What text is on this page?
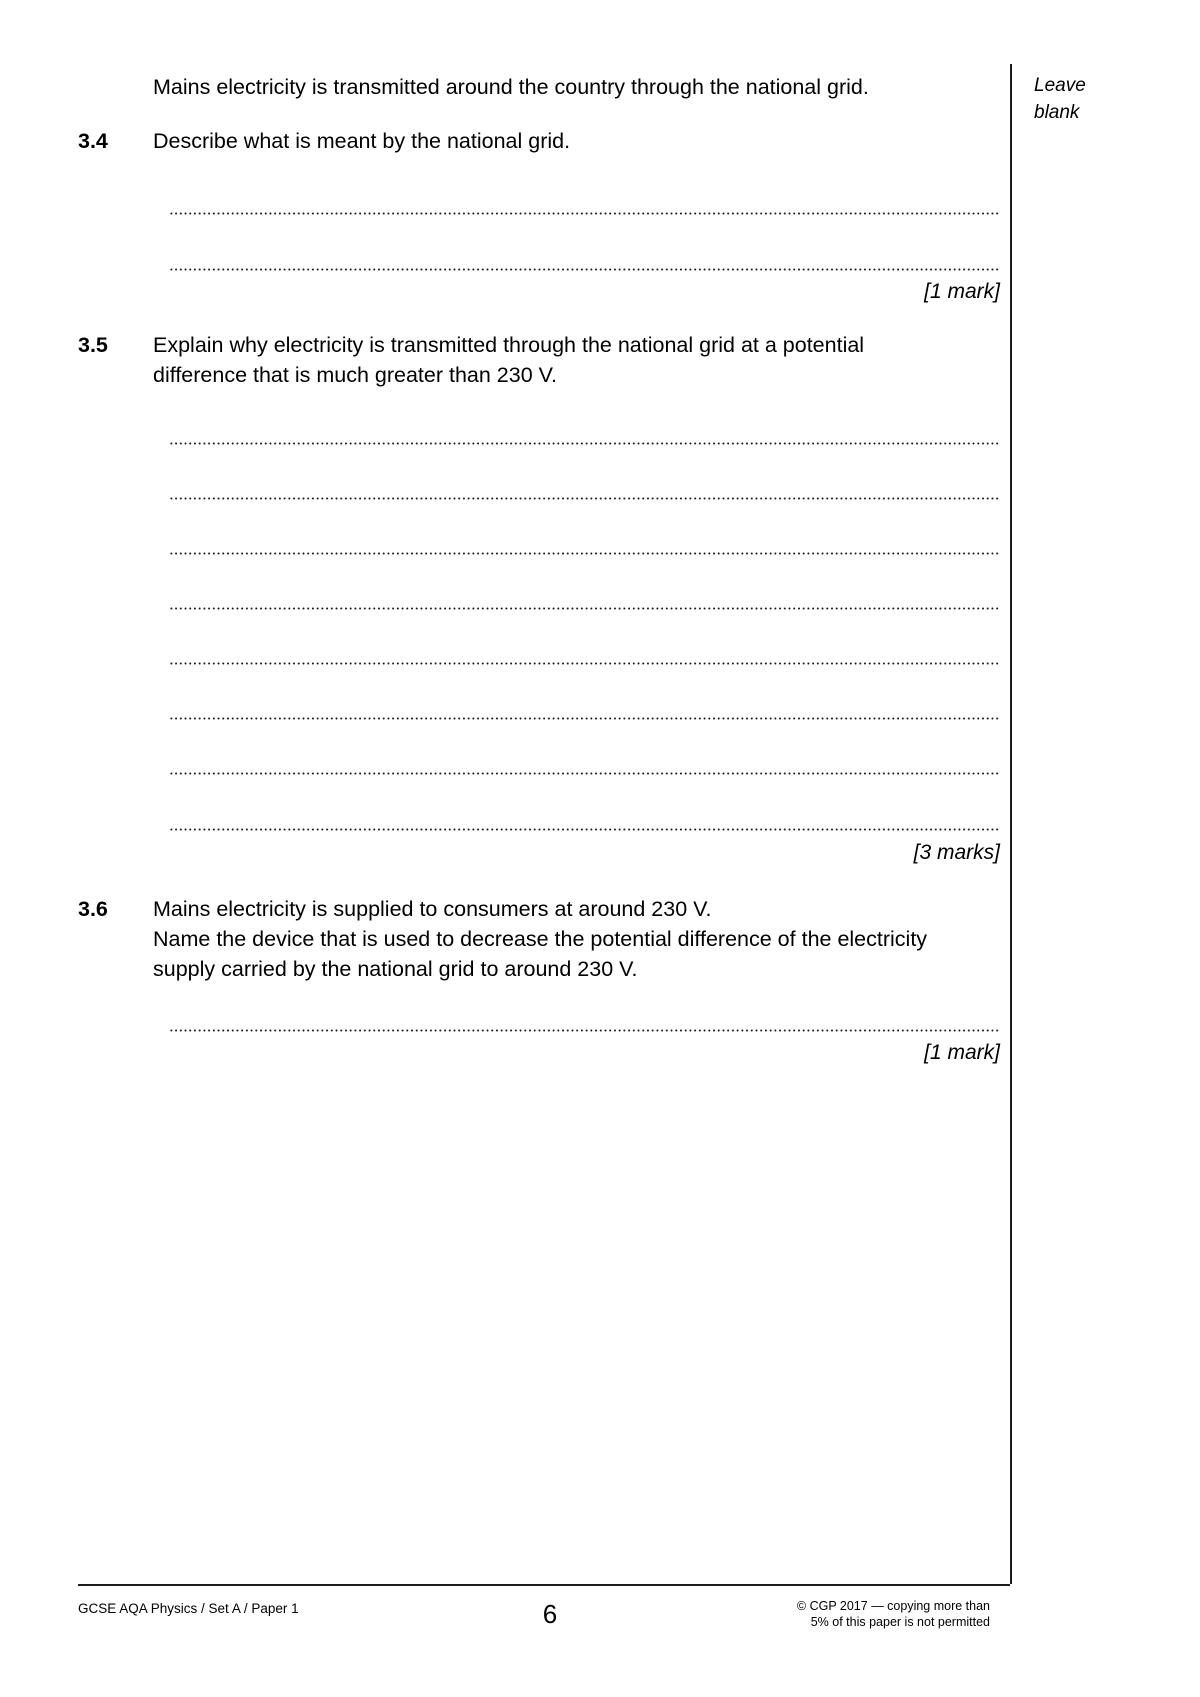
Leave
blank
Mains electricity is transmitted around the country through the national grid.
3.4 Describe what is meant by the national grid.
[1 mark]
3.5 Explain why electricity is transmitted through the national grid at a potential
difference that is much greater than 230 V.
[3 marks]
3.6 Mains electricity is supplied to consumers at around 230 V.
Name the device that is used to decrease the potential difference of the electricity
supply carried by the national grid to around 230 V.
[1 mark]
GCSE AQA Physics / Set A / Paper 1	6	© CGP 2017 — copying more than
5% of this paper is not permitted
